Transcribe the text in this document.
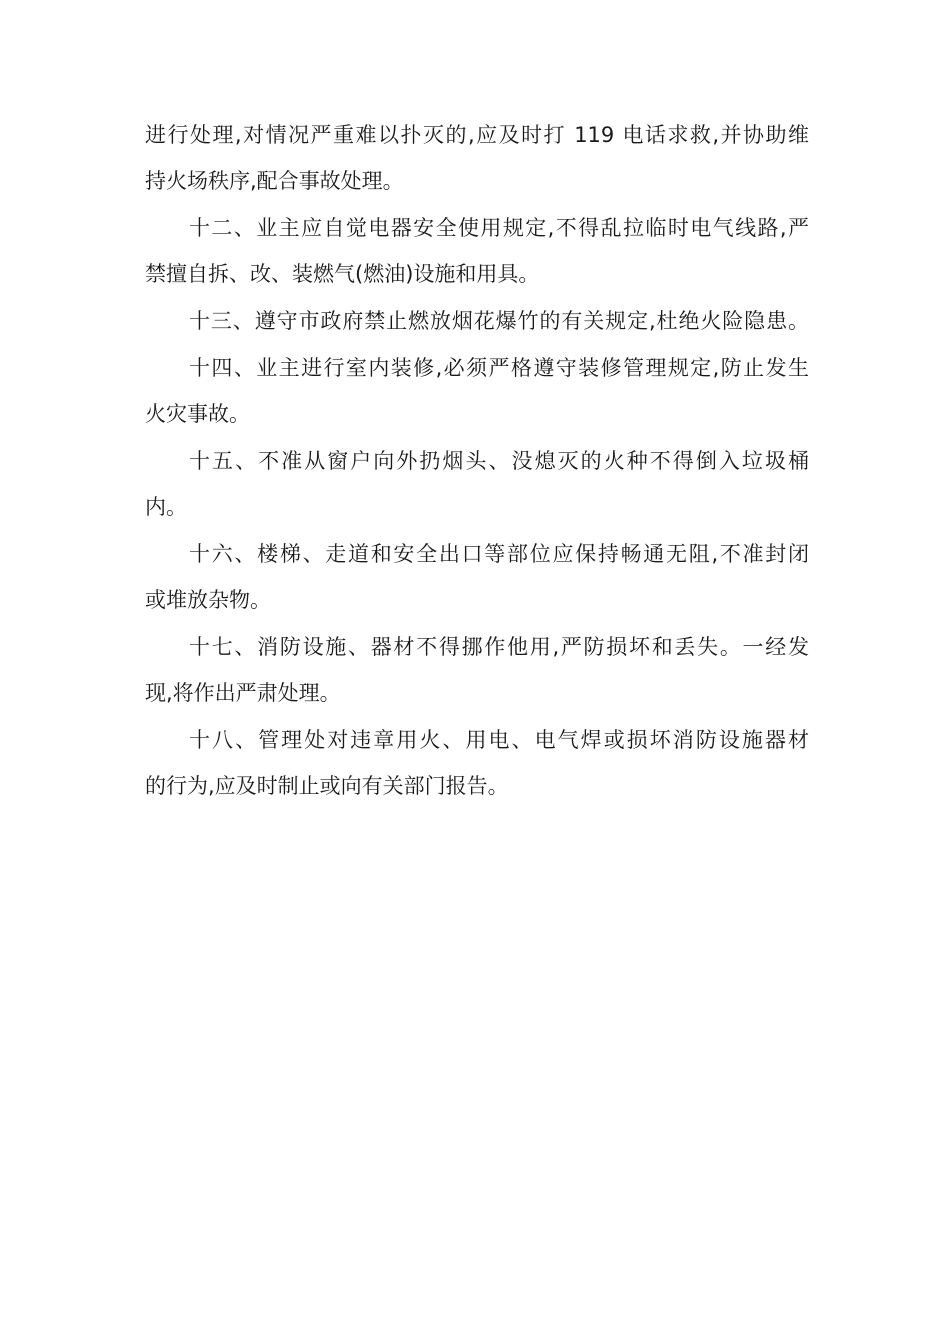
进行处理,对情况严重难以扑灭的,应及时打 119 电话求救,并协助维
持火场秩序,配合事故处理。
十二、业主应自觉电器安全使用规定,不得乱拉临时电气线路,严
禁擅自拆、改、装燃气(燃油)设施和用具。
十三、遵守市政府禁止燃放烟花爆竹的有关规定,杜绝火险隐患。
十四、业主进行室内装修,必须严格遵守装修管理规定,防止发生
火灾事故。
十五、不准从窗户向外扔烟头、没熄灭的火种不得倒入垃圾桶
内。
十六、楼梯、走道和安全出口等部位应保持畅通无阻,不准封闭
或堆放杂物。
十七、消防设施、器材不得挪作他用,严防损坏和丢失。一经发
现,将作出严肃处理。
十八、管理处对违章用火、用电、电气焊或损坏消防设施器材
的行为,应及时制止或向有关部门报告。
